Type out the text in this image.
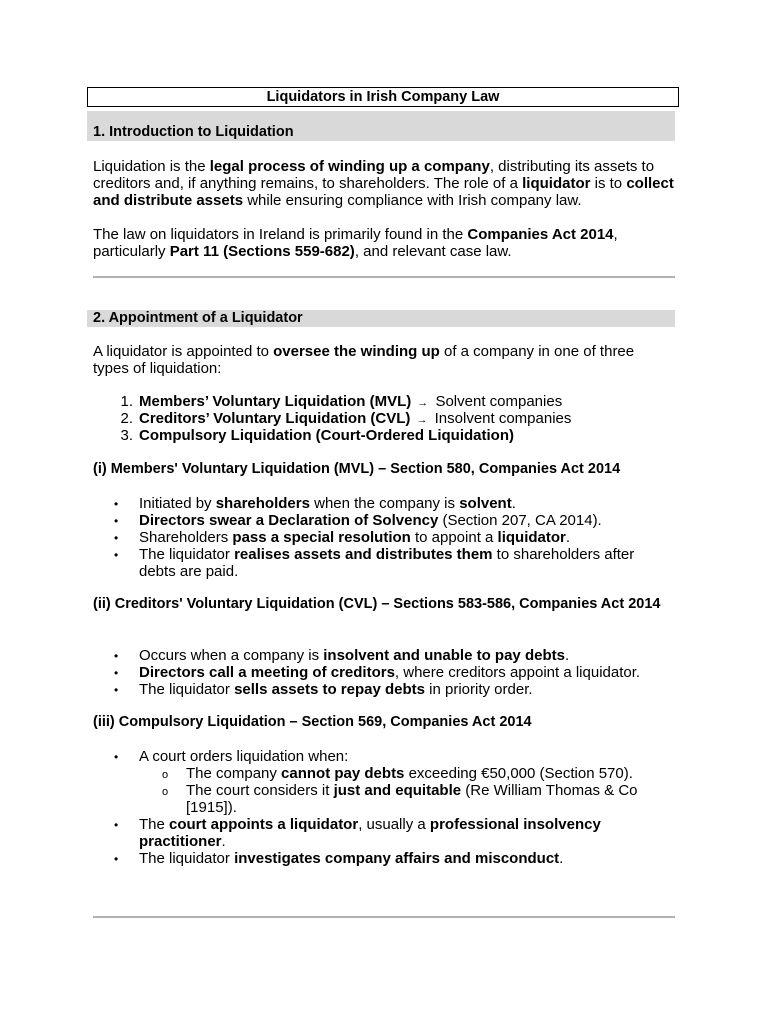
Liquidators in Irish Company Law
1. Introduction to Liquidation
Liquidation is the legal process of winding up a company, distributing its assets to creditors and, if anything remains, to shareholders. The role of a liquidator is to collect and distribute assets while ensuring compliance with Irish company law.
The law on liquidators in Ireland is primarily found in the Companies Act 2014, particularly Part 11 (Sections 559-682), and relevant case law.
2. Appointment of a Liquidator
A liquidator is appointed to oversee the winding up of a company in one of three types of liquidation:
(i) Members' Voluntary Liquidation (MVL) – Section 580, Companies Act 2014
(ii) Creditors' Voluntary Liquidation (CVL) – Sections 583-586, Companies Act 2014
(iii) Compulsory Liquidation – Section 569, Companies Act 2014
1. Members’ Voluntary Liquidation (MVL) → Solvent companies
2. Creditors’ Voluntary Liquidation (CVL) → Insolvent companies
3. Compulsory Liquidation (Court-Ordered Liquidation)
• Initiated by shareholders when the company is solvent.
• Directors swear a Declaration of Solvency (Section 207, CA 2014).
• Shareholders pass a special resolution to appoint a liquidator.
• The liquidator realises assets and distributes them to shareholders after debts are paid.
• Occurs when a company is insolvent and unable to pay debts.
• Directors call a meeting of creditors, where creditors appoint a liquidator.
• The liquidator sells assets to repay debts in priority order.
• A court orders liquidation when:
o The company cannot pay debts exceeding €50,000 (Section 570).
o The court considers it just and equitable (Re William Thomas & Co [1915]).
• The court appoints a liquidator, usually a professional insolvency practitioner.
• The liquidator investigates company affairs and misconduct.
